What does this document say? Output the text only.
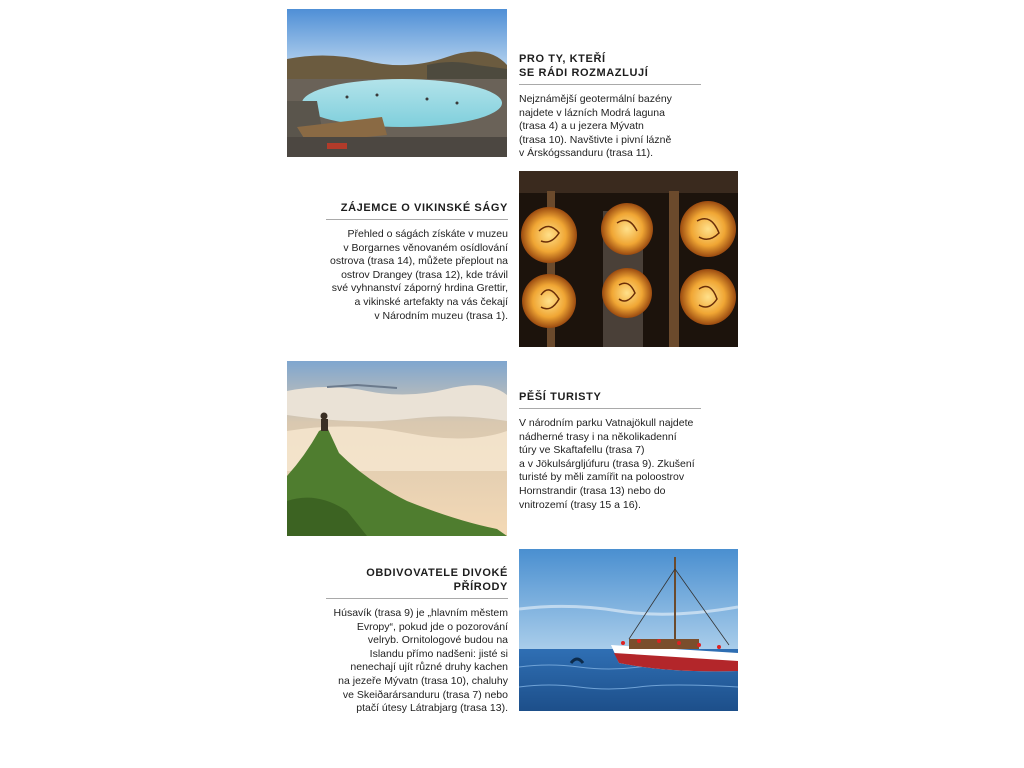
PRO TY, KTEŘÍ
SE RÁDI ROZMAZLUJÍ
Nejznámější geotermální bazény
najdete v lázních Modrá laguna
(trasa 4) a u jezera Mývatn
(trasa 10). Navštivte i pivní lázně
v Árskógssanduru (trasa 11).
ZÁJEMCE O VIKINSKÉ SÁGY
Přehled o ságách získáte v muzeu
v Borgarnes věnovaném osídlování
ostrova (trasa 14), můžete přeplout na
ostrov Drangey (trasa 12), kde trávil
své vyhnanství záporný hrdina Grettir,
a vikinské artefakty na vás čekají
v Národním muzeu (trasa 1).
PĚŠÍ TURISTY
V národním parku Vatnajökull najdete
nádherné trasy i na několikadenní
túry ve Skaftafellu (trasa 7)
a v Jökulsárgljúfuru (trasa 9). Zkušení
turisté by měli zamířit na poloostrov
Hornstrandir (trasa 13) nebo do
vnitrozemí (trasy 15 a 16).
OBDIVOVATELE DIVOKÉ
PŘÍRODY
Húsavík (trasa 9) je „hlavním městem
Evropy“, pokud jde o pozorování
velryb. Ornitologové budou na
Islandu přímo nadšeni: jisté si
nenechají ujít různé druhy kachen
na jezeře Mývatn (trasa 10), chaluhy
ve Skeiðarársanduru (trasa 7) nebo
ptačí útesy Látrabjarg (trasa 13).
